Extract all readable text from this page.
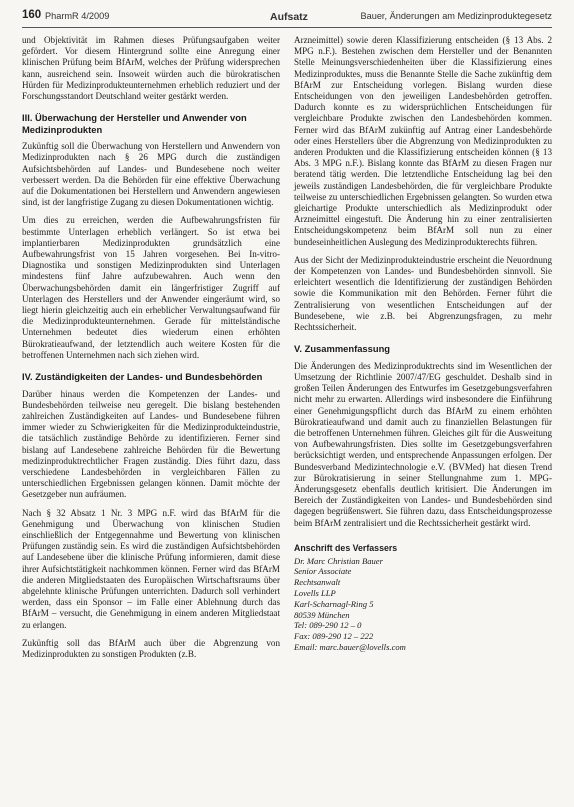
160 PharmR 4/2009	Aufsatz	Bauer, Änderungen am Medizinproduktegesetz

und Objektivität im Rahmen dieses Prüfungsaufgaben weiter gefördert. Vor diesem Hintergrund sollte eine Anregung einer klinischen Prüfung beim BfArM, welches der Prüfung widersprechen kann, ausreichend sein. Insoweit würden auch die bürokratischen Hürden für Medizinprodukteunternehmen erheblich reduziert und der Forschungsstandort Deutschland weiter gestärkt werden.

III. Überwachung der Hersteller und Anwender von Medizinprodukten

Zukünftig soll die Überwachung von Herstellern und Anwendern von Medizinprodukten nach § 26 MPG durch die zuständigen Aufsichtsbehörden auf Landes- und Bundesebene noch weiter verbessert werden. Da die Behörden für eine effektive Überwachung auf die Dokumentationen bei Herstellern und Anwendern angewiesen sind, ist der langfristige Zugang zu diesen Dokumentationen wichtig.

Um dies zu erreichen, werden die Aufbewahrungsfristen für bestimmte Unterlagen erheblich verlängert. So ist etwa bei implantierbaren Medizinprodukten grundsätzlich eine Aufbewahrungsfrist von 15 Jahren vorgesehen. Bei In-vitro-Diagnostika und sonstigen Medizinprodukten sind Unterlagen mindestens fünf Jahre aufzubewahren. Auch wenn den Überwachungsbehörden damit ein längerfristiger Zugriff auf Unterlagen des Herstellers und der Anwender eingeräumt wird, so liegt hierin gleichzeitig auch ein erheblicher Verwaltungsaufwand für die Medizinprodukteunternehmen. Gerade für mittelständische Unternehmen bedeutet dies wiederum einen erhöhten Bürokratieaufwand, der letztendlich auch weitere Kosten für die betroffenen Unternehmen nach sich ziehen wird.

IV. Zuständigkeiten der Landes- und Bundesbehörden

Darüber hinaus werden die Kompetenzen der Landes- und Bundesbehörden teilweise neu geregelt. Die bislang bestehenden zahlreichen Zuständigkeiten auf Landes- und Bundesebene führen immer wieder zu Schwierigkeiten für die Medizinprodukteindustrie, die tatsächlich zuständige Behörde zu identifizieren. Ferner sind bislang auf Landesebene zahlreiche Behörden für die Bewertung medizinproduktrechtlicher Fragen zuständig. Dies führt dazu, dass verschiedene Landesbehörden in vergleichbaren Fällen zu unterschiedlichen Ergebnissen gelangen können. Damit möchte der Gesetzgeber nun aufräumen.

Nach § 32 Absatz 1 Nr. 3 MPG n.F. wird das BfArM für die Genehmigung und Überwachung von klinischen Studien einschließlich der Entgegennahme und Bewertung von klinischen Prüfungen zuständig sein. Es wird die zuständigen Aufsichtsbehörden auf Landesebene über die klinische Prüfung informieren, damit diese ihrer Aufsichtstätigkeit nachkommen können. Ferner wird das BfArM die anderen Mitgliedstaaten des Europäischen Wirtschaftsraums über abgelehnte klinische Prüfungen unterrichten. Dadurch soll verhindert werden, dass ein Sponsor – im Falle einer Ablehnung durch das BfArM – versucht, die Genehmigung in einem anderen Mitgliedstaat zu erlangen.

Zukünftig soll das BfArM auch über die Abgrenzung von Medizinprodukten zu sonstigen Produkten (z.B.

Arzneimittel) sowie deren Klassifizierung entscheiden (§ 13 Abs. 2 MPG n.F.). Bestehen zwischen dem Hersteller und der Benannten Stelle Meinungsverschiedenheiten über die Klassifizierung eines Medizinproduktes, muss die Benannte Stelle die Sache zukünftig dem BfArM zur Entscheidung vorlegen. Bislang wurden diese Entscheidungen von den jeweiligen Landesbehörden getroffen. Dadurch konnte es zu widersprüchlichen Entscheidungen für vergleichbare Produkte zwischen den Landesbehörden kommen. Ferner wird das BfArM zukünftig auf Antrag einer Landesbehörde oder eines Herstellers über die Abgrenzung von Medizinprodukten zu anderen Produkten und die Klassifizierung entscheiden können (§ 13 Abs. 3 MPG n.F.). Bislang konnte das BfArM zu diesen Fragen nur beratend tätig werden. Die letztendliche Entscheidung lag bei den jeweils zuständigen Landesbehörden, die für vergleichbare Produkte teilweise zu unterschiedlichen Ergebnissen gelangten. So wurden etwa gleichartige Produkte unterschiedlich als Medizinprodukt oder Arzneimittel eingestuft. Die Änderung hin zu einer zentralisierten Entscheidungskompetenz beim BfArM soll nun zu einer bundeseinheitlichen Auslegung des Medizinprodukterechts führen.

Aus der Sicht der Medizinprodukteindustrie erscheint die Neuordnung der Kompetenzen von Landes- und Bundesbehörden sinnvoll. Sie erleichtert wesentlich die Identifizierung der zuständigen Behörden sowie die Kommunikation mit den Behörden. Ferner führt die Zentralisierung von wesentlichen Entscheidungen auf der Bundesebene, wie z.B. bei Abgrenzungsfragen, zu mehr Rechtssicherheit.

V. Zusammenfassung

Die Änderungen des Medizinproduktrechts sind im Wesentlichen der Umsetzung der Richtlinie 2007/47/EG geschuldet. Deshalb sind in großen Teilen Änderungen des Entwurfes im Gesetzgebungsverfahren nicht mehr zu erwarten. Allerdings wird insbesondere die Einführung einer Genehmigungspflicht durch das BfArM zu einem erhöhten Bürokratieaufwand und damit auch zu finanziellen Belastungen für die betroffenen Unternehmen führen. Gleiches gilt für die Ausweitung von Aufbewahrungsfristen. Dies sollte im Gesetzgebungsverfahren berücksichtigt werden, und entsprechende Anpassungen erfolgen. Der Bundesverband Medizintechnologie e.V. (BVMed) hat diesen Trend zur Bürokratisierung in seiner Stellungnahme zum 1. MPG-Änderungsgesetz ebenfalls deutlich kritisiert. Die Änderungen im Bereich der Zuständigkeiten von Landes- und Bundesbehörden sind dagegen begrüßenswert. Sie führen dazu, dass Entscheidungsprozesse beim BfArM zentralisiert und die Rechtssicherheit gestärkt wird.

Anschrift des Verfassers
Dr. Marc Christian Bauer
Senior Associate
Rechtsanwalt
Lovells LLP
Karl-Scharnagl-Ring 5
80539 München
Tel: 089-290 12 – 0
Fax: 089-290 12 – 222
Email: marc.bauer@lovells.com
